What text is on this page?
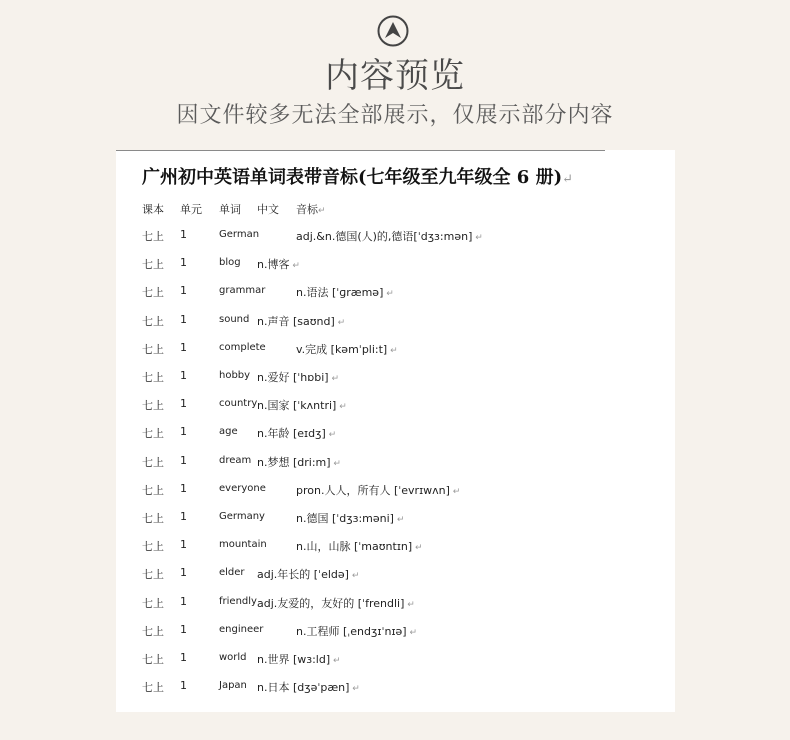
内容预览
因文件较多无法全部展示，仅展示部分内容
广州初中英语单词表带音标(七年级至九年级全 6 册)↵
课本 单元 单词 中文 音标↵
七上 1	German	adj.&n.德国(人)的,德语[ˈdʒɜ:mən] ↵
七上 1	blog n.博客 ↵
七上 1	grammar	n.语法 [ˈɡræmə] ↵
七上 1	sound n.声音 [saʊnd] ↵
七上 1	complete	v.完成 [kəmˈpli:t] ↵
七上 1	hobby n.爱好 [ˈhɒbi] ↵
七上 1	country n.国家 [ˈkʌntri] ↵
七上 1	age n.年龄 [eɪdʒ] ↵
七上 1	dream n.梦想 [dri:m] ↵
七上 1	everyone	pron.人人，所有人 [ˈevrɪwʌn] ↵
七上 1	Germany	n.德国 [ˈdʒɜ:məni] ↵
七上 1	mountain	n.山，山脉 [ˈmaʊntɪn] ↵
七上 1	elder adj.年长的 [ˈeldə] ↵
七上 1	friendly adj.友爱的，友好的 [ˈfrendli] ↵
七上 1	engineer	n.工程师 [ˌendʒɪˈnɪə] ↵
七上 1	world n.世界 [wɜ:ld] ↵
七上 1	Japan n.日本 [dʒəˈpæn] ↵
